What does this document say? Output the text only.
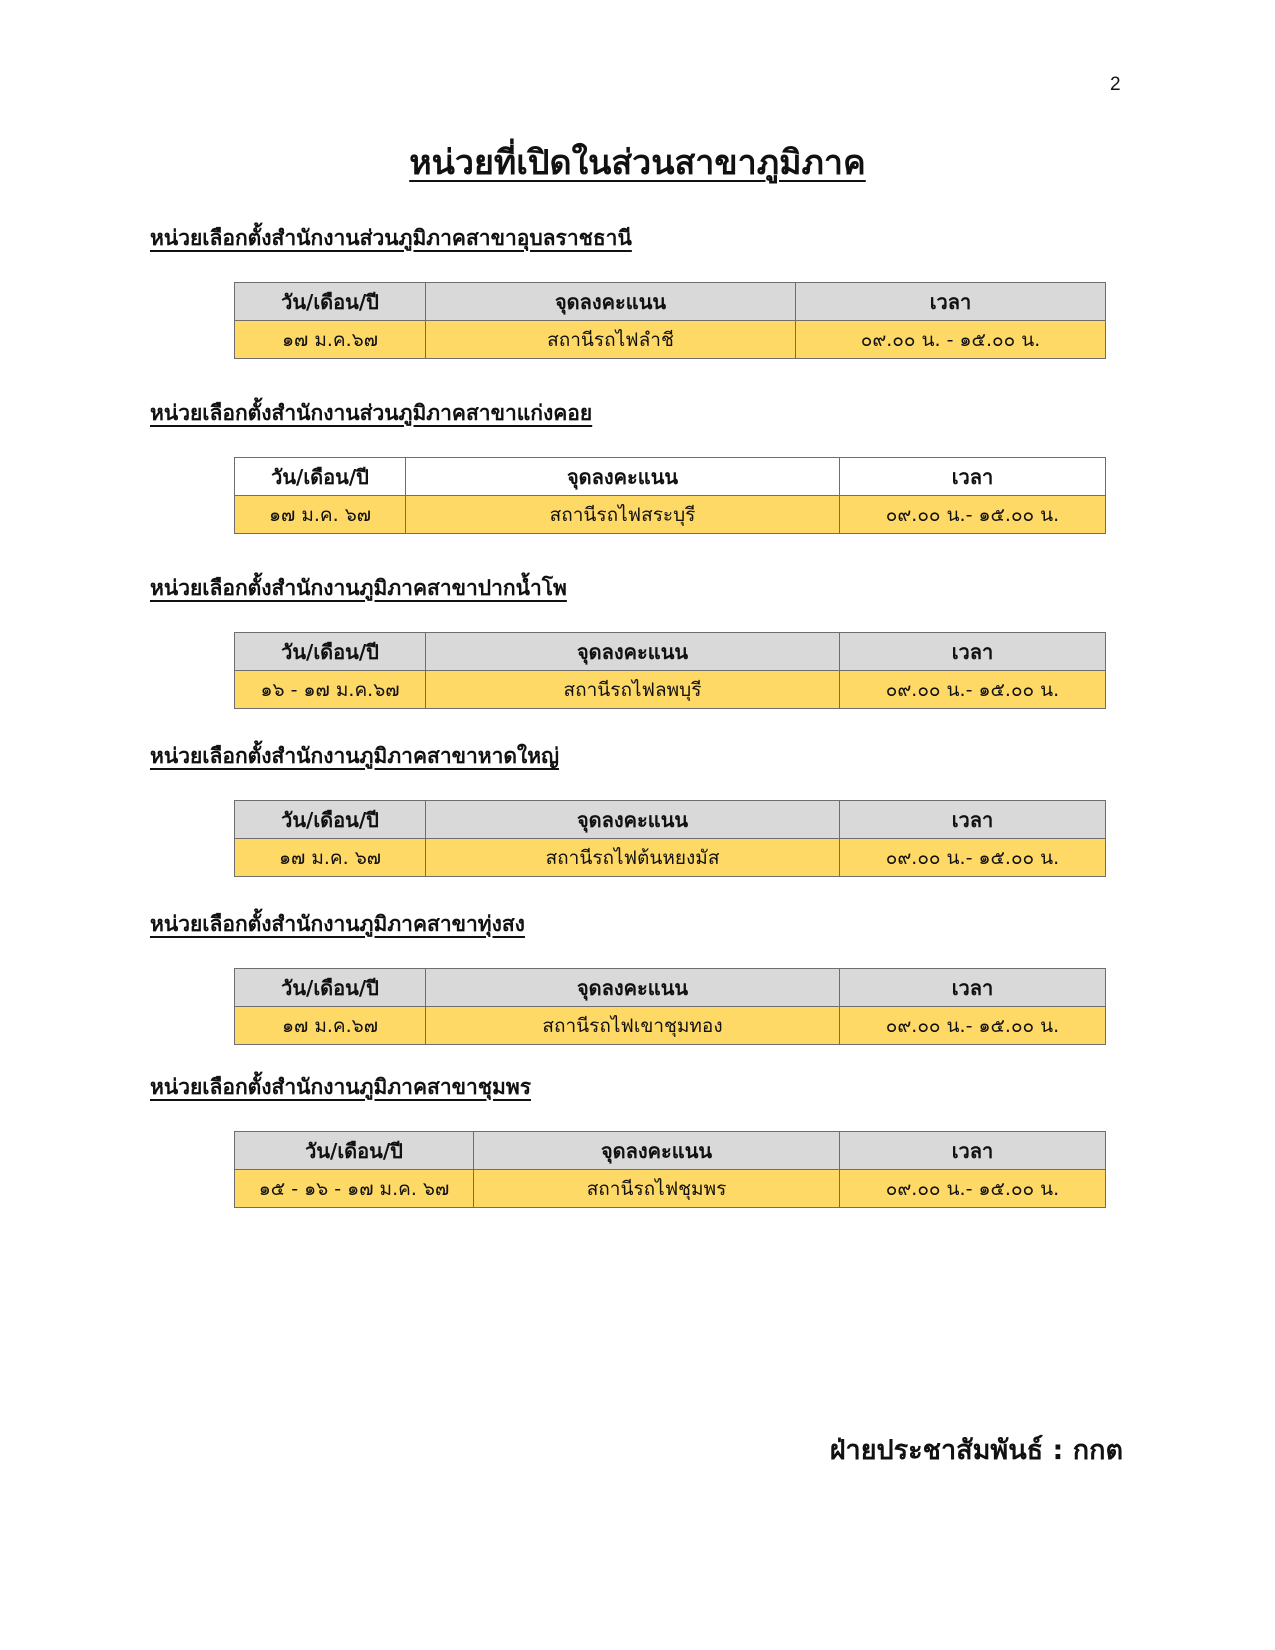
2
หน่วยที่เปิดในส่วนสาขาภูมิภาค
หน่วยเลือกตั้งสำนักงานส่วนภูมิภาคสาขาอุบลราชธานี
วัน/เดือน/ปี	จุดลงคะแนน	เวลา
๑๗ ม.ค.๖๗	สถานีรถไฟลำชี	๐๙.๐๐ น. - ๑๕.๐๐ น.
หน่วยเลือกตั้งสำนักงานส่วนภูมิภาคสาขาแก่งคอย
วัน/เดือน/ปี	จุดลงคะแนน	เวลา
๑๗ ม.ค. ๖๗	สถานีรถไฟสระบุรี	๐๙.๐๐ น.- ๑๕.๐๐ น.
หน่วยเลือกตั้งสำนักงานภูมิภาคสาขาปากน้ำโพ
วัน/เดือน/ปี	จุดลงคะแนน	เวลา
๑๖ - ๑๗ ม.ค.๖๗	สถานีรถไฟลพบุรี	๐๙.๐๐ น.- ๑๕.๐๐ น.
หน่วยเลือกตั้งสำนักงานภูมิภาคสาขาหาดใหญ่
วัน/เดือน/ปี	จุดลงคะแนน	เวลา
๑๗ ม.ค. ๖๗	สถานีรถไฟต้นหยงมัส	๐๙.๐๐ น.- ๑๕.๐๐ น.
หน่วยเลือกตั้งสำนักงานภูมิภาคสาขาทุ่งสง
วัน/เดือน/ปี	จุดลงคะแนน	เวลา
๑๗ ม.ค.๖๗	สถานีรถไฟเขาชุมทอง	๐๙.๐๐ น.- ๑๕.๐๐ น.
หน่วยเลือกตั้งสำนักงานภูมิภาคสาขาชุมพร
วัน/เดือน/ปี	จุดลงคะแนน	เวลา
๑๕ - ๑๖ - ๑๗ ม.ค. ๖๗	สถานีรถไฟชุมพร	๐๙.๐๐ น.- ๑๕.๐๐ น.
ฝ่ายประชาสัมพันธ์ : กกต
